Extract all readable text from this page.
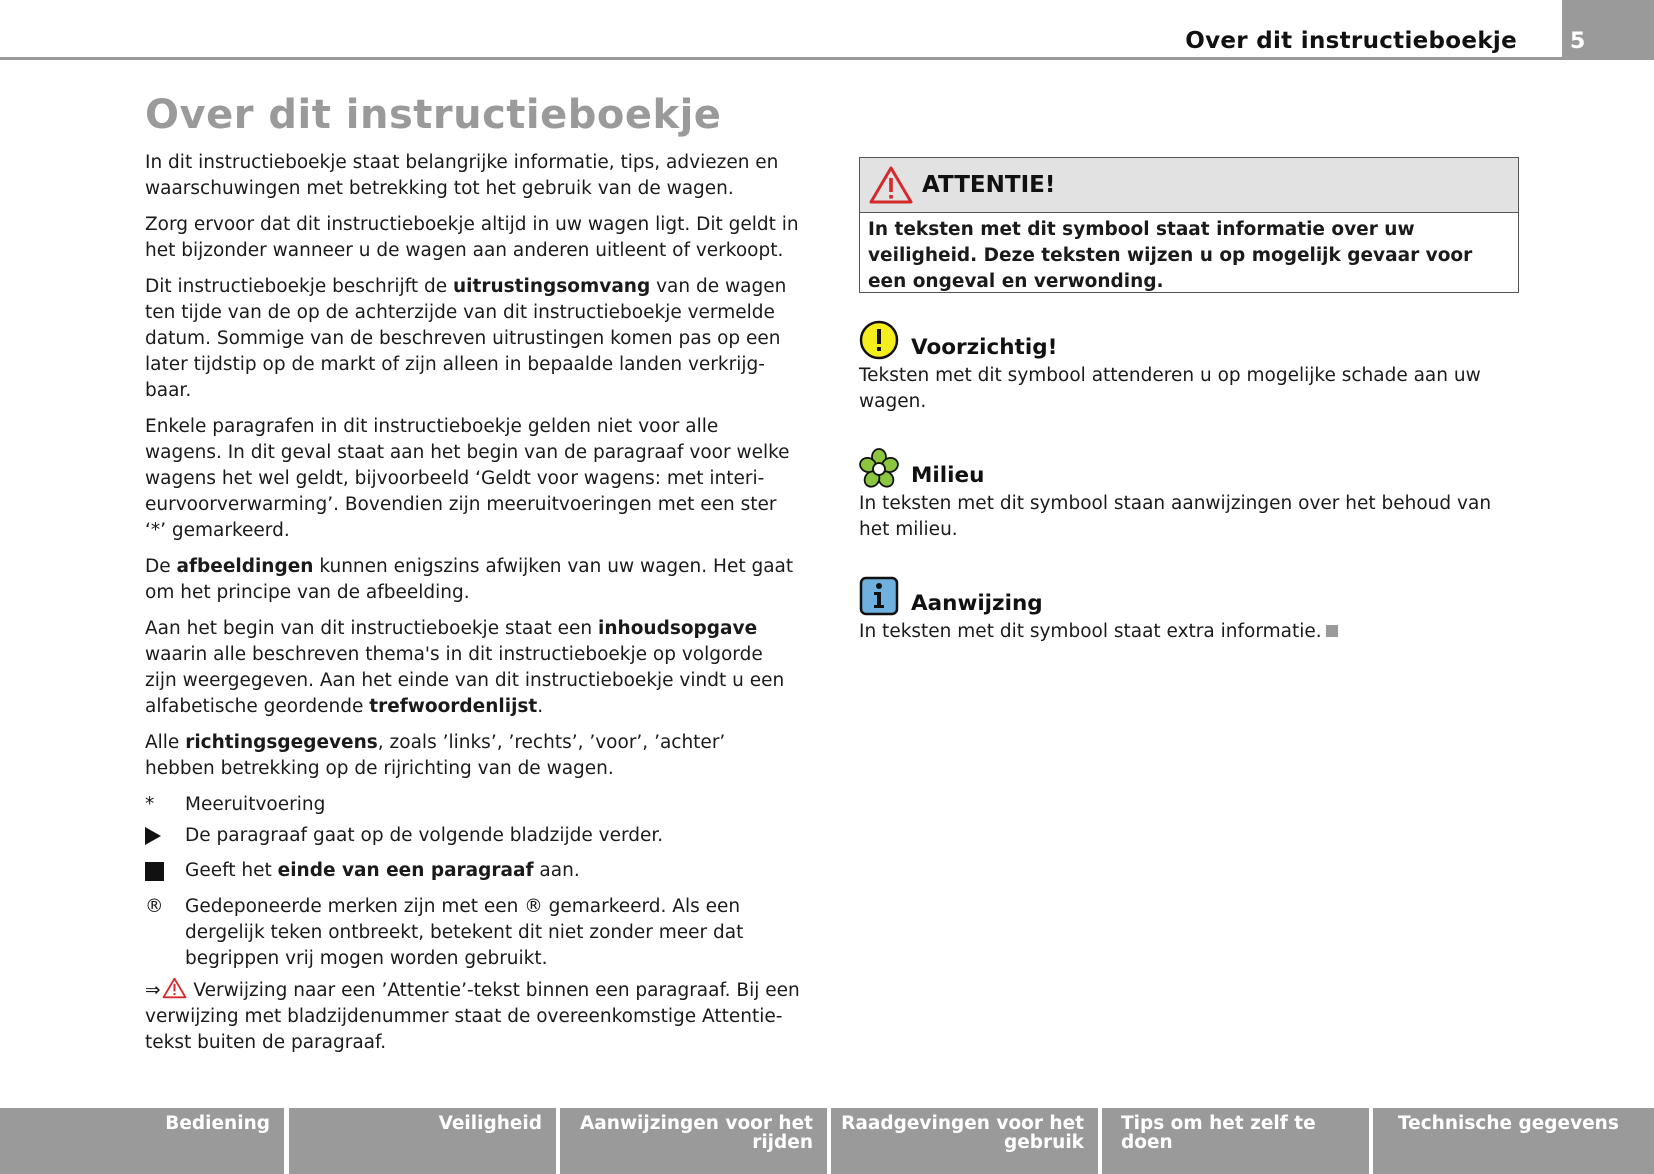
Over dit instructieboekje	5
Over dit instructieboekje

In dit instructieboekje staat belangrijke informatie, tips, adviezen en waarschuwingen met betrekking tot het gebruik van de wagen.

Zorg ervoor dat dit instructieboekje altijd in uw wagen ligt. Dit geldt in het bijzonder wanneer u de wagen aan anderen uitleent of verkoopt.

Dit instructieboekje beschrijft de uitrustingsomvang van de wagen ten tijde van de op de achterzijde van dit instructieboekje vermelde datum. Sommige van de beschreven uitrustingen komen pas op een later tijdstip op de markt of zijn alleen in bepaalde landen verkrijg-baar.

Enkele paragrafen in dit instructieboekje gelden niet voor alle wagens. In dit geval staat aan het begin van de paragraaf voor welke wagens het wel geldt, bijvoorbeeld ‘Geldt voor wagens: met interi-eurvoorverwarming’. Bovendien zijn meeruitvoeringen met een ster ‘*’ gemarkeerd.

De afbeeldingen kunnen enigszins afwijken van uw wagen. Het gaat om het principe van de afbeelding.

Aan het begin van dit instructieboekje staat een inhoudsopgave waarin alle beschreven thema's in dit instructieboekje op volgorde zijn weergegeven. Aan het einde van dit instructieboekje vindt u een alfabetische geordende trefwoordenlijst.

Alle richtingsgegevens, zoals ’links’, ’rechts’, ’voor’, ’achter’ hebben betrekking op de rijrichting van de wagen.

*	Meeruitvoering
De paragraaf gaat op de volgende bladzijde verder.
Geeft het einde van een paragraaf aan.
®	Gedeponeerde merken zijn met een ® gemarkeerd. Als een dergelijk teken ontbreekt, betekent dit niet zonder meer dat begrippen vrij mogen worden gebruikt.

⇒ Verwijzing naar een ’Attentie’-tekst binnen een paragraaf. Bij een verwijzing met bladzijdenummer staat de overeenkomstige Attentie-tekst buiten de paragraaf.

ATTENTIE!
In teksten met dit symbool staat informatie over uw veiligheid. Deze teksten wijzen u op mogelijk gevaar voor een ongeval en verwonding.
Voorzichtig!

Teksten met dit symbool attenderen u op mogelijke schade aan uw wagen.

Milieu

In teksten met dit symbool staan aanwijzingen over het behoud van het milieu.

Aanwijzing

In teksten met dit symbool staat extra informatie.

Bediening	Veiligheid	Aanwijzingen voor het
rijden
Raadgevingen voor het
gebruik
Tips om het zelf te doen
Technische gegevens
